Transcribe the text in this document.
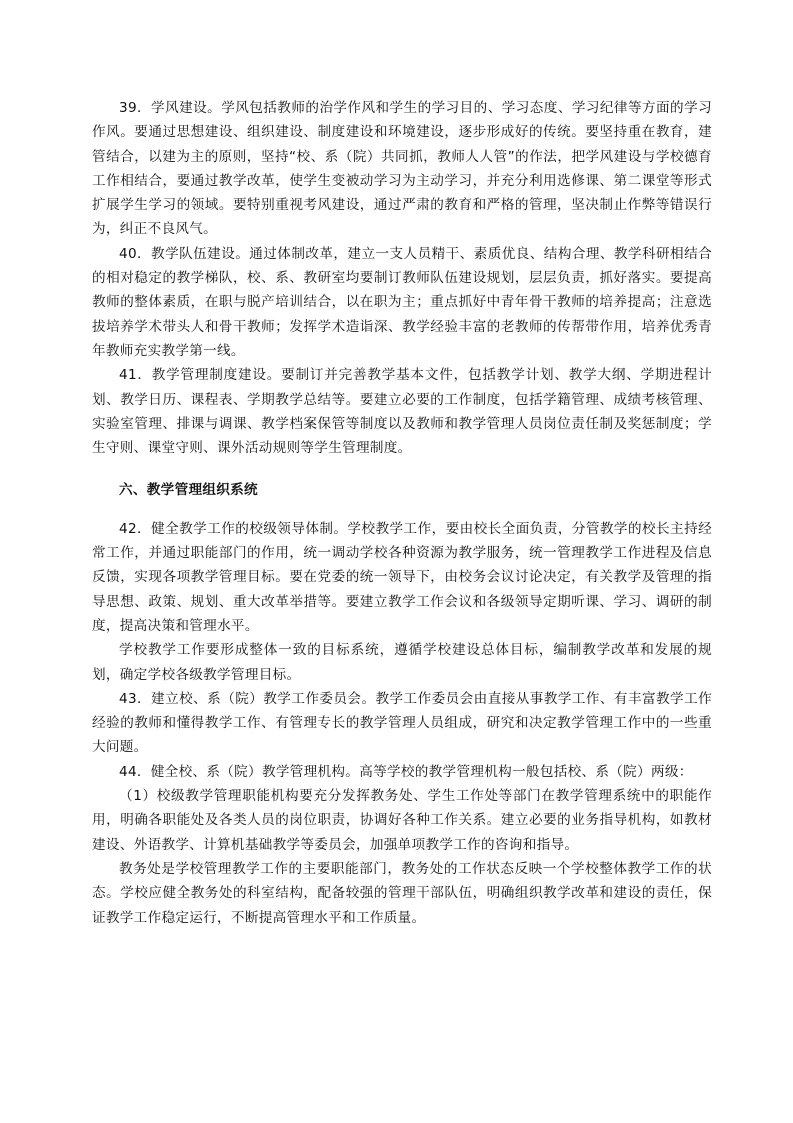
39．学风建设。学风包括教师的治学作风和学生的学习目的、学习态度、学习纪律等方面的学习作风。要通过思想建设、组织建设、制度建设和环境建设，逐步形成好的传统。要坚持重在教育，建管结合，以建为主的原则，坚持“校、系（院）共同抓，教师人人管”的作法，把学风建设与学校德育工作相结合，要通过教学改革，使学生变被动学习为主动学习，并充分利用选修课、第二课堂等形式扩展学生学习的领域。要特别重视考风建设，通过严肃的教育和严格的管理，坚决制止作弊等错误行为，纠正不良风气。

40．教学队伍建设。通过体制改革，建立一支人员精干、素质优良、结构合理、教学科研相结合的相对稳定的教学梯队，校、系、教研室均要制订教师队伍建设规划，层层负责，抓好落实。要提高教师的整体素质，在职与脱产培训结合，以在职为主；重点抓好中青年骨干教师的培养提高；注意选拔培养学术带头人和骨干教师；发挥学术造诣深、教学经验丰富的老教师的传帮带作用，培养优秀青年教师充实教学第一线。

41．教学管理制度建设。要制订并完善教学基本文件，包括教学计划、教学大纲、学期进程计划、教学日历、课程表、学期教学总结等。要建立必要的工作制度，包括学籍管理、成绩考核管理、实验室管理、排课与调课、教学档案保管等制度以及教师和教学管理人员岗位责任制及奖惩制度；学生守则、课堂守则、课外活动规则等学生管理制度。

六、教学管理组织系统

42．健全教学工作的校级领导体制。学校教学工作，要由校长全面负责，分管教学的校长主持经常工作，并通过职能部门的作用，统一调动学校各种资源为教学服务，统一管理教学工作进程及信息反馈，实现各项教学管理目标。要在党委的统一领导下，由校务会议讨论决定，有关教学及管理的指导思想、政策、规划、重大改革举措等。要建立教学工作会议和各级领导定期听课、学习、调研的制度，提高决策和管理水平。

学校教学工作要形成整体一致的目标系统，遵循学校建设总体目标，编制教学改革和发展的规划，确定学校各级教学管理目标。

43．建立校、系（院）教学工作委员会。教学工作委员会由直接从事教学工作、有丰富教学工作经验的教师和懂得教学工作、有管理专长的教学管理人员组成，研究和决定教学管理工作中的一些重大问题。

44．健全校、系（院）教学管理机构。高等学校的教学管理机构一般包括校、系（院）两级：

（1）校级教学管理职能机构要充分发挥教务处、学生工作处等部门在教学管理系统中的职能作用，明确各职能处及各类人员的岗位职责，协调好各种工作关系。建立必要的业务指导机构，如教材建设、外语教学、计算机基础教学等委员会，加强单项教学工作的咨询和指导。

教务处是学校管理教学工作的主要职能部门，教务处的工作状态反映一个学校整体教学工作的状态。学校应健全教务处的科室结构，配备较强的管理干部队伍，明确组织教学改革和建设的责任，保证教学工作稳定运行，不断提高管理水平和工作质量。
